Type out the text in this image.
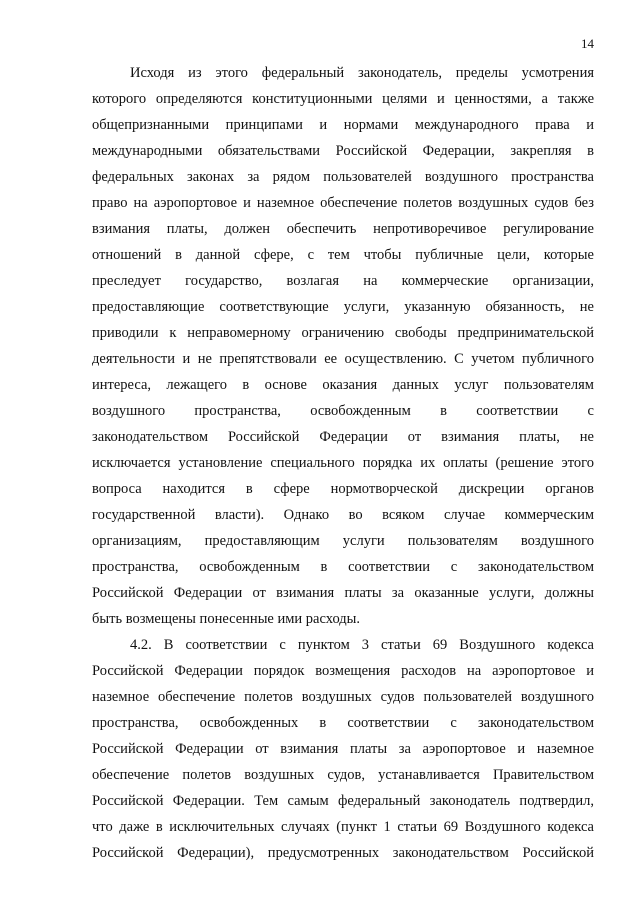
14
Исходя из этого федеральный законодатель, пределы усмотрения
которого определяются конституционными целями и ценностями, а также
общепризнанными принципами и нормами международного права и
международными обязательствами Российской Федерации, закрепляя в
федеральных законах за рядом пользователей воздушного пространства
право на аэропортовое и наземное обеспечение полетов воздушных судов без
взимания платы, должен обеспечить непротиворечивое регулирование
отношений в данной сфере, с тем чтобы публичные цели, которые
преследует государство, возлагая на коммерческие организации,
предоставляющие соответствующие услуги, указанную обязанность, не
приводили к неправомерному ограничению свободы предпринимательской
деятельности и не препятствовали ее осуществлению. С учетом публичного
интереса, лежащего в основе оказания данных услуг пользователям
воздушного пространства, освобожденным в соответствии с
законодательством Российской Федерации от взимания платы, не
исключается установление специального порядка их оплаты (решение этого
вопроса находится в сфере нормотворческой дискреции органов
государственной власти). Однако во всяком случае коммерческим
организациям, предоставляющим услуги пользователям воздушного
пространства, освобожденным в соответствии с законодательством
Российской Федерации от взимания платы за оказанные услуги, должны
быть возмещены понесенные ими расходы.
4.2. В соответствии с пунктом 3 статьи 69 Воздушного кодекса
Российской Федерации порядок возмещения расходов на аэропортовое и
наземное обеспечение полетов воздушных судов пользователей воздушного
пространства, освобожденных в соответствии с законодательством
Российской Федерации от взимания платы за аэропортовое и наземное
обеспечение полетов воздушных судов, устанавливается Правительством
Российской Федерации. Тем самым федеральный законодатель подтвердил,
что даже в исключительных случаях (пункт 1 статьи 69 Воздушного кодекса
Российской Федерации), предусмотренных законодательством Российской
